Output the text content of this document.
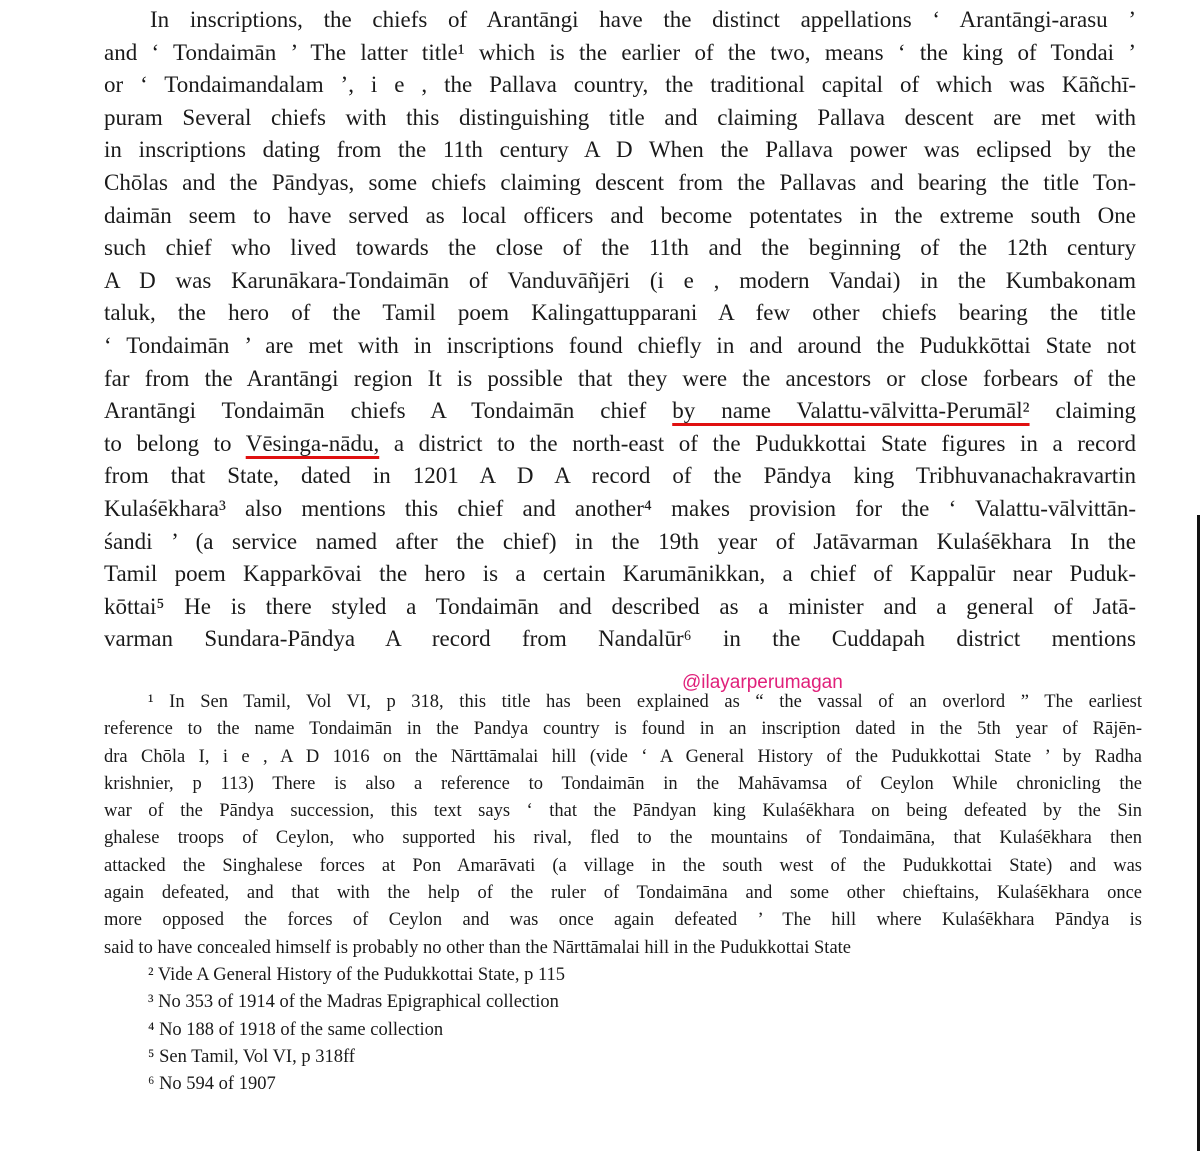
In inscriptions, the chiefs of Arantāngi have the distinct appellations ‘ Arantāngi-arasu ’
and ‘ Tondaimān ’ The latter title¹ which is the earlier of the two, means ‘ the king of Tondai ’
or ‘ Tondaimandalam ’, i e , the Pallava country, the traditional capital of which was Kāñchī-
puram Several chiefs with this distinguishing title and claiming Pallava descent are met with
in inscriptions dating from the 11th century A D When the Pallava power was eclipsed by the
Chōlas and the Pāndyas, some chiefs claiming descent from the Pallavas and bearing the title Ton-
daimān seem to have served as local officers and become potentates in the extreme south One
such chief who lived towards the close of the 11th and the beginning of the 12th century
A D was Karunākara-Tondaimān of Vanduvāñjēri (i e , modern Vandai) in the Kumbakonam
taluk, the hero of the Tamil poem Kalingattupparani A few other chiefs bearing the title
‘ Tondaimān ’ are met with in inscriptions found chiefly in and around the Pudukkōttai State not
far from the Arantāngi region It is possible that they were the ancestors or close forbears of the
Arantāngi Tondaimān chiefs A Tondaimān chief by name Valattu-vālvitta-Perumāl² claiming
to belong to Vēsinga-nādu, a district to the north-east of the Pudukkottai State figures in a record
from that State, dated in 1201 A D A record of the Pāndya king Tribhuvanachakravartin
Kulaśēkhara³ also mentions this chief and another⁴ makes provision for the ‘ Valattu-vālvittān-
śandi ’ (a service named after the chief) in the 19th year of Jatāvarman Kulaśēkhara In the
Tamil poem Kapparkōvai the hero is a certain Karumānikkan, a chief of Kappalūr near Puduk-
kōttai⁵ He is there styled a Tondaimān and described as a minister and a general of Jatā-
varman Sundara-Pāndya A record from Nandalūr⁶ in the Cuddapah district mentions
@ilayarperumagan
¹ In Sen Tamil, Vol VI, p 318, this title has been explained as “ the vassal of an overlord ” The earliest
reference to the name Tondaimān in the Pandya country is found in an inscription dated in the 5th year of Rājēn-
dra Chōla I, i e , A D 1016 on the Nārttāmalai hill (vide ‘ A General History of the Pudukkottai State ’ by Radha
krishnier, p 113) There is also a reference to Tondaimān in the Mahāvamsa of Ceylon While chronicling the
war of the Pāndya succession, this text says ‘ that the Pāndyan king Kulaśēkhara on being defeated by the Sin
ghalese troops of Ceylon, who supported his rival, fled to the mountains of Tondaimāna, that Kulaśēkhara then
attacked the Singhalese forces at Pon Amarāvati (a village in the south west of the Pudukkottai State) and was
again defeated, and that with the help of the ruler of Tondaimāna and some other chieftains, Kulaśēkhara once
more opposed the forces of Ceylon and was once again defeated ’ The hill where Kulaśēkhara Pāndya is
said to have concealed himself is probably no other than the Nārttāmalai hill in the Pudukkottai State
² Vide A General History of the Pudukkottai State, p 115
³ No 353 of 1914 of the Madras Epigraphical collection
⁴ No 188 of 1918 of the same collection
⁵ Sen Tamil, Vol VI, p 318ff
⁶ No 594 of 1907
